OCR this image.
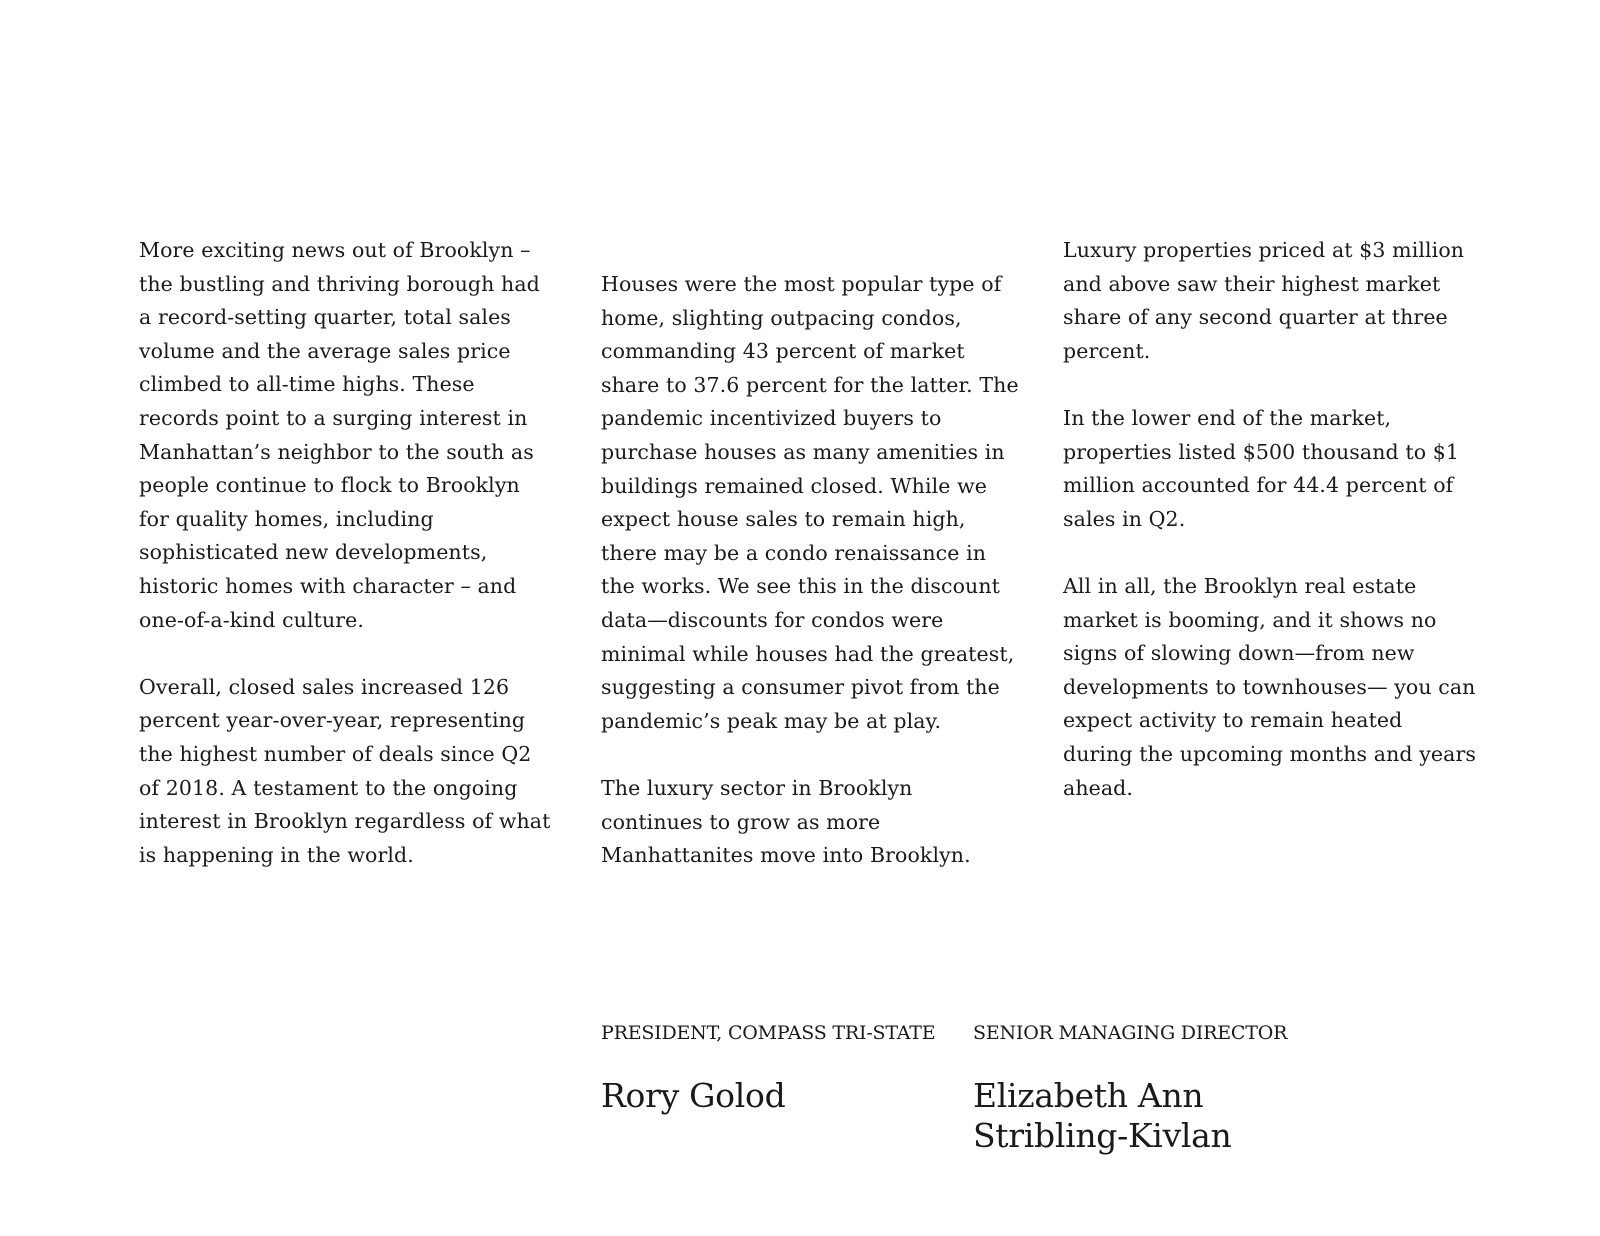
More exciting news out of Brooklyn –
the bustling and thriving borough had
a record-setting quarter, total sales
volume and the average sales price
climbed to all-time highs. These
records point to a surging interest in
Manhattan’s neighbor to the south as
people continue to flock to Brooklyn
for quality homes, including
sophisticated new developments,
historic homes with character – and
one-of-a-kind culture.

Overall, closed sales increased 126
percent year-over-year, representing
the highest number of deals since Q2
of 2018. A testament to the ongoing
interest in Brooklyn regardless of what
is happening in the world.

Houses were the most popular type of
home, slighting outpacing condos,
commanding 43 percent of market
share to 37.6 percent for the latter. The
pandemic incentivized buyers to
purchase houses as many amenities in
buildings remained closed. While we
expect house sales to remain high,
there may be a condo renaissance in
the works. We see this in the discount
data—discounts for condos were
minimal while houses had the greatest,
suggesting a consumer pivot from the
pandemic’s peak may be at play.

The luxury sector in Brooklyn
continues to grow as more
Manhattanites move into Brooklyn.

Luxury properties priced at $3 million
and above saw their highest market
share of any second quarter at three
percent.

In the lower end of the market,
properties listed $500 thousand to $1
million accounted for 44.4 percent of
sales in Q2.

All in all, the Brooklyn real estate
market is booming, and it shows no
signs of slowing down—from new
developments to townhouses— you can
expect activity to remain heated
during the upcoming months and years
ahead.

PRESIDENT, COMPASS TRI-STATE

Rory Golod

SENIOR MANAGING DIRECTOR

Elizabeth Ann
Stribling-Kivlan
